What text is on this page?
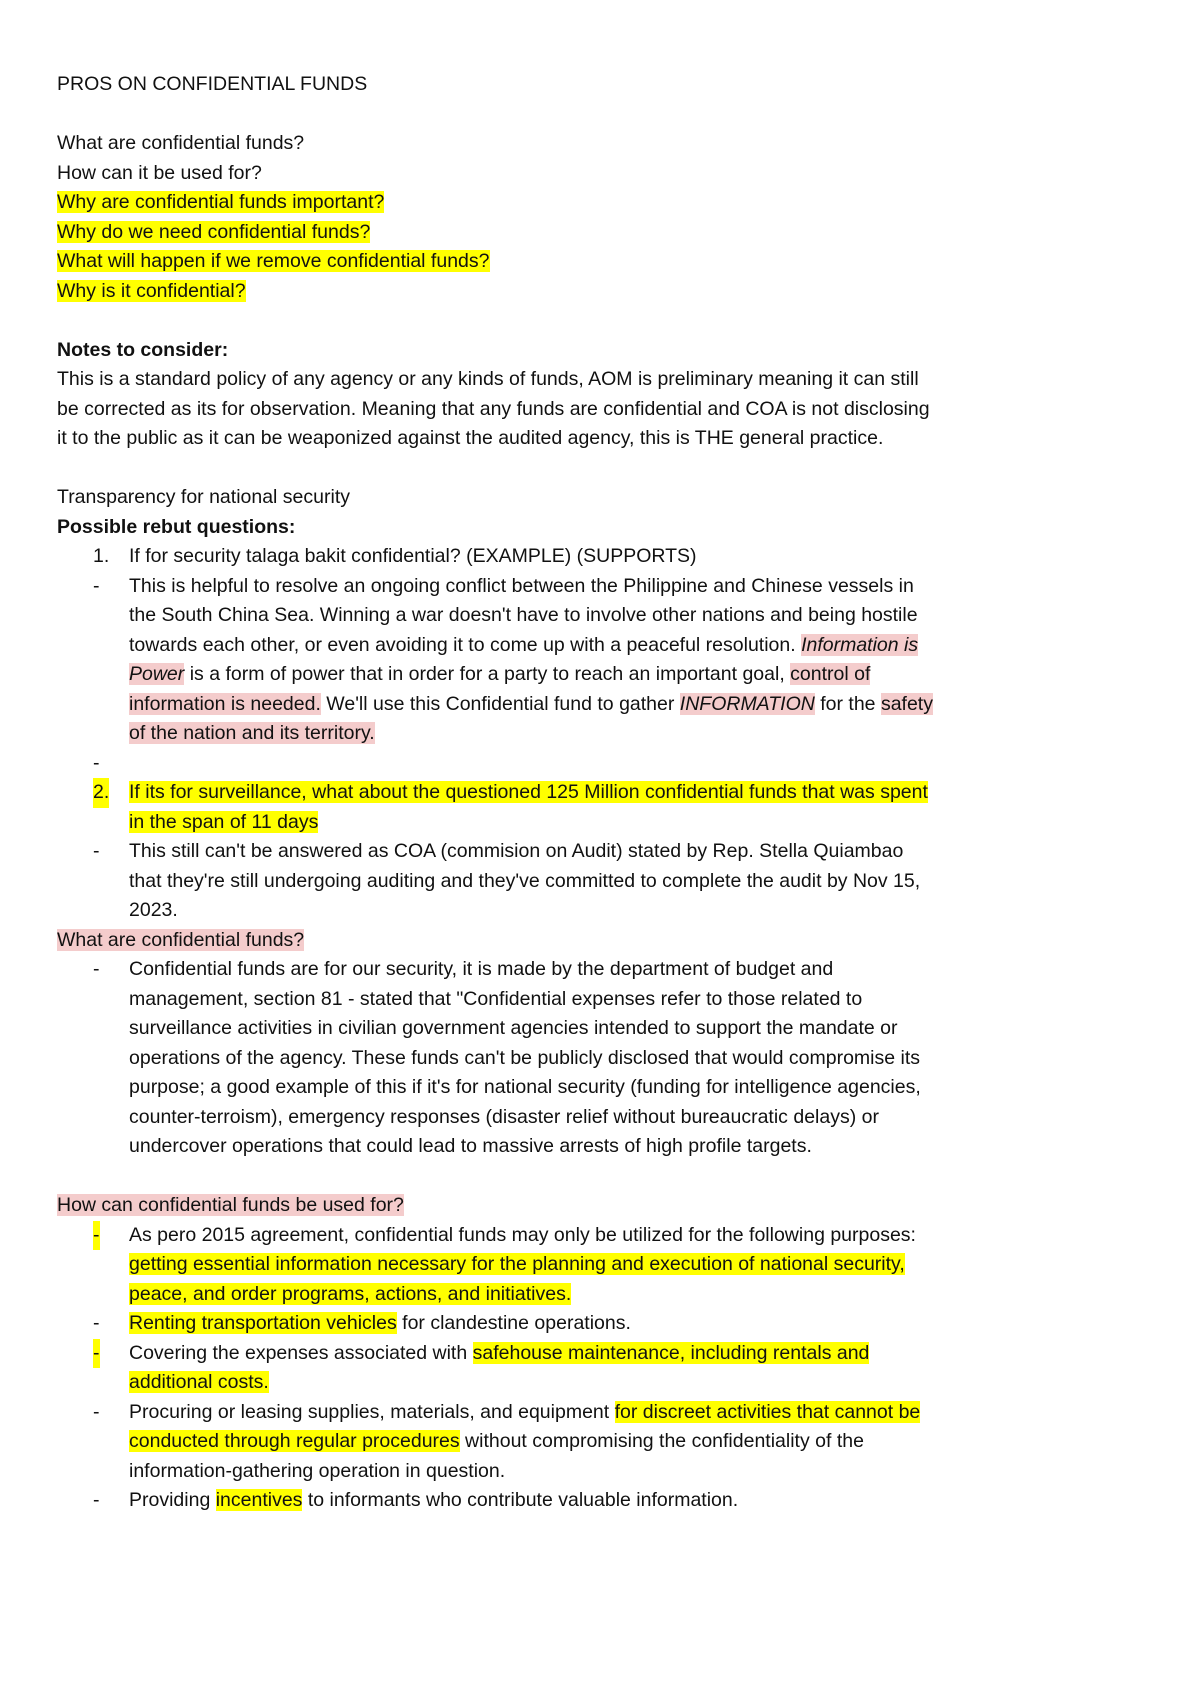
PROS ON CONFIDENTIAL FUNDS
What are confidential funds?
How can it be used for?
Why are confidential funds important?
Why do we need confidential funds?
What will happen if we remove confidential funds?
Why is it confidential?
Notes to consider:
This is a standard policy of any agency or any kinds of funds, AOM is preliminary meaning it can still
be corrected as its for observation. Meaning that any funds are confidential and COA is not disclosing
it to the public as it can be weaponized against the audited agency, this is THE general practice.
Transparency for national security
Possible rebut questions:
1. If for security talaga bakit confidential? (EXAMPLE) (SUPPORTS)
- This is helpful to resolve an ongoing conflict between the Philippine and Chinese vessels in
the South China Sea. Winning a war doesn't have to involve other nations and being hostile
towards each other, or even avoiding it to come up with a peaceful resolution. Information is
Power is a form of power that in order for a party to reach an important goal, control of
information is needed. We'll use this Confidential fund to gather INFORMATION for the safety
of the nation and its territory.
-
2. If its for surveillance, what about the questioned 125 Million confidential funds that was spent
in the span of 11 days
- This still can't be answered as COA (commision on Audit) stated by Rep. Stella Quiambao
that they're still undergoing auditing and they've committed to complete the audit by Nov 15,
2023.
What are confidential funds?
- Confidential funds are for our security, it is made by the department of budget and
management, section 81 - stated that "Confidential expenses refer to those related to
surveillance activities in civilian government agencies intended to support the mandate or
operations of the agency. These funds can't be publicly disclosed that would compromise its
purpose; a good example of this if it's for national security (funding for intelligence agencies,
counter-terroism), emergency responses (disaster relief without bureaucratic delays) or
undercover operations that could lead to massive arrests of high profile targets.
How can confidential funds be used for?
- As pero 2015 agreement, confidential funds may only be utilized for the following purposes:
getting essential information necessary for the planning and execution of national security,
peace, and order programs, actions, and initiatives.
- Renting transportation vehicles for clandestine operations.
- Covering the expenses associated with safehouse maintenance, including rentals and
additional costs.
- Procuring or leasing supplies, materials, and equipment for discreet activities that cannot be
conducted through regular procedures without compromising the confidentiality of the
information-gathering operation in question.
- Providing incentives to informants who contribute valuable information.
